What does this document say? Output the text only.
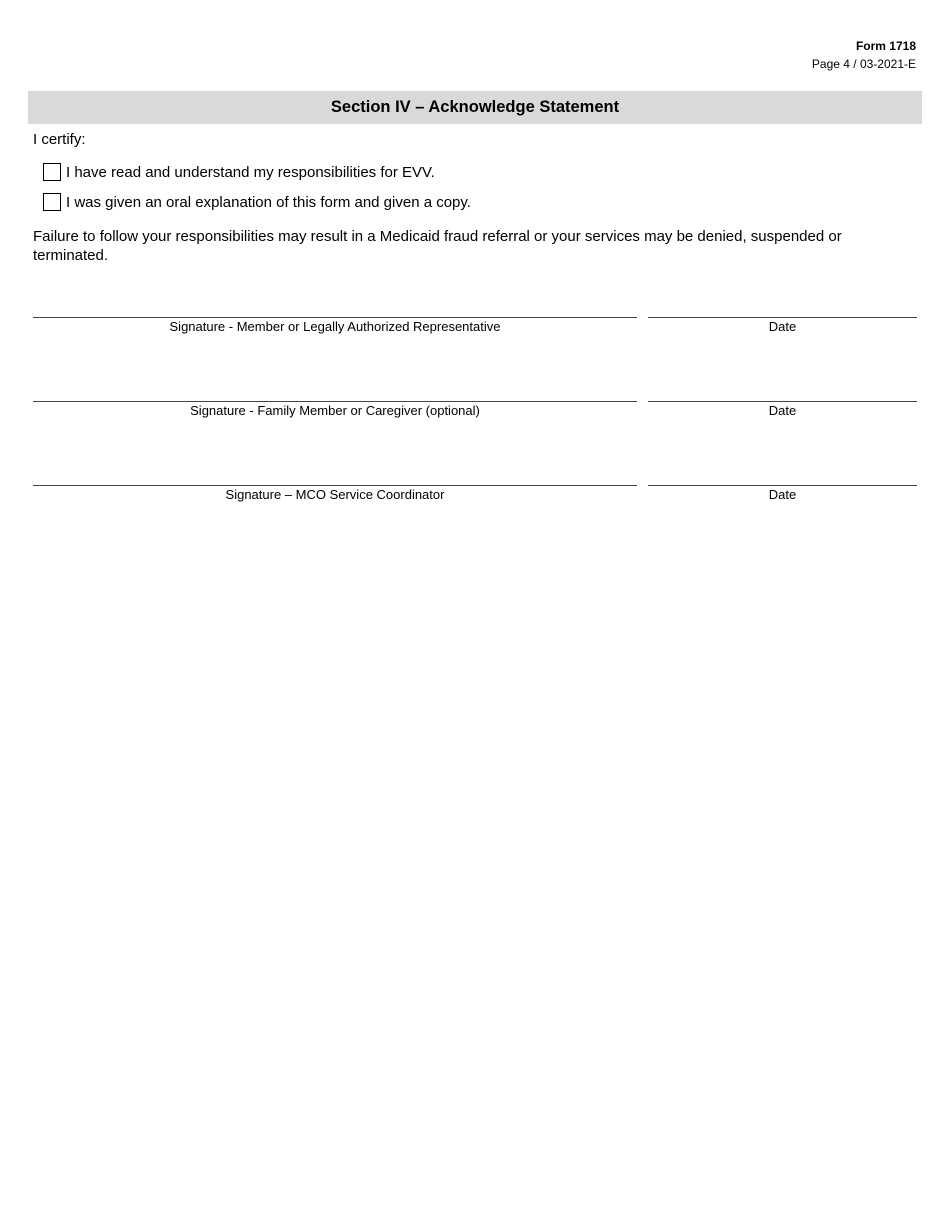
Form 1718
Page 4 / 03-2021-E
Section IV – Acknowledge Statement
I certify:
I have read and understand my responsibilities for EVV.
I was given an oral explanation of this form and given a copy.
Failure to follow your responsibilities may result in a Medicaid fraud referral or your services may be denied, suspended or terminated.
Signature - Member or Legally Authorized Representative	Date
Signature - Family Member or Caregiver (optional)	Date
Signature – MCO Service Coordinator	Date
